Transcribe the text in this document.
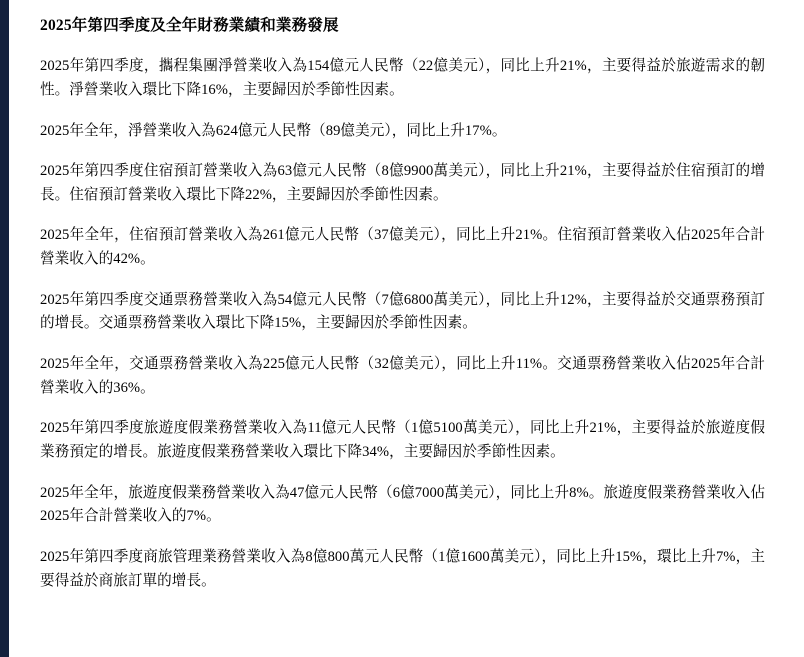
2025年第四季度及全年財務業績和業務發展

2025年第四季度，攜程集團淨營業收入為154億元人民幣（22億美元），同比上升21%，主要得益於旅遊需求的韌性。淨營業收入環比下降16%，主要歸因於季節性因素。

2025年全年，淨營業收入為624億元人民幣（89億美元），同比上升17%。

2025年第四季度住宿預訂營業收入為63億元人民幣（8億9900萬美元），同比上升21%，主要得益於住宿預訂的增長。住宿預訂營業收入環比下降22%，主要歸因於季節性因素。

2025年全年，住宿預訂營業收入為261億元人民幣（37億美元），同比上升21%。住宿預訂營業收入佔2025年合計營業收入的42%。

2025年第四季度交通票務營業收入為54億元人民幣（7億6800萬美元），同比上升12%，主要得益於交通票務預訂的增長。交通票務營業收入環比下降15%，主要歸因於季節性因素。

2025年全年，交通票務營業收入為225億元人民幣（32億美元），同比上升11%。交通票務營業收入佔2025年合計營業收入的36%。

2025年第四季度旅遊度假業務營業收入為11億元人民幣（1億5100萬美元），同比上升21%，主要得益於旅遊度假業務預定的增長。旅遊度假業務營業收入環比下降34%，主要歸因於季節性因素。

2025年全年，旅遊度假業務營業收入為47億元人民幣（6億7000萬美元），同比上升8%。旅遊度假業務營業收入佔2025年合計營業收入的7%。

2025年第四季度商旅管理業務營業收入為8億800萬元人民幣（1億1600萬美元），同比上升15%，環比上升7%，主要得益於商旅訂單的增長。
